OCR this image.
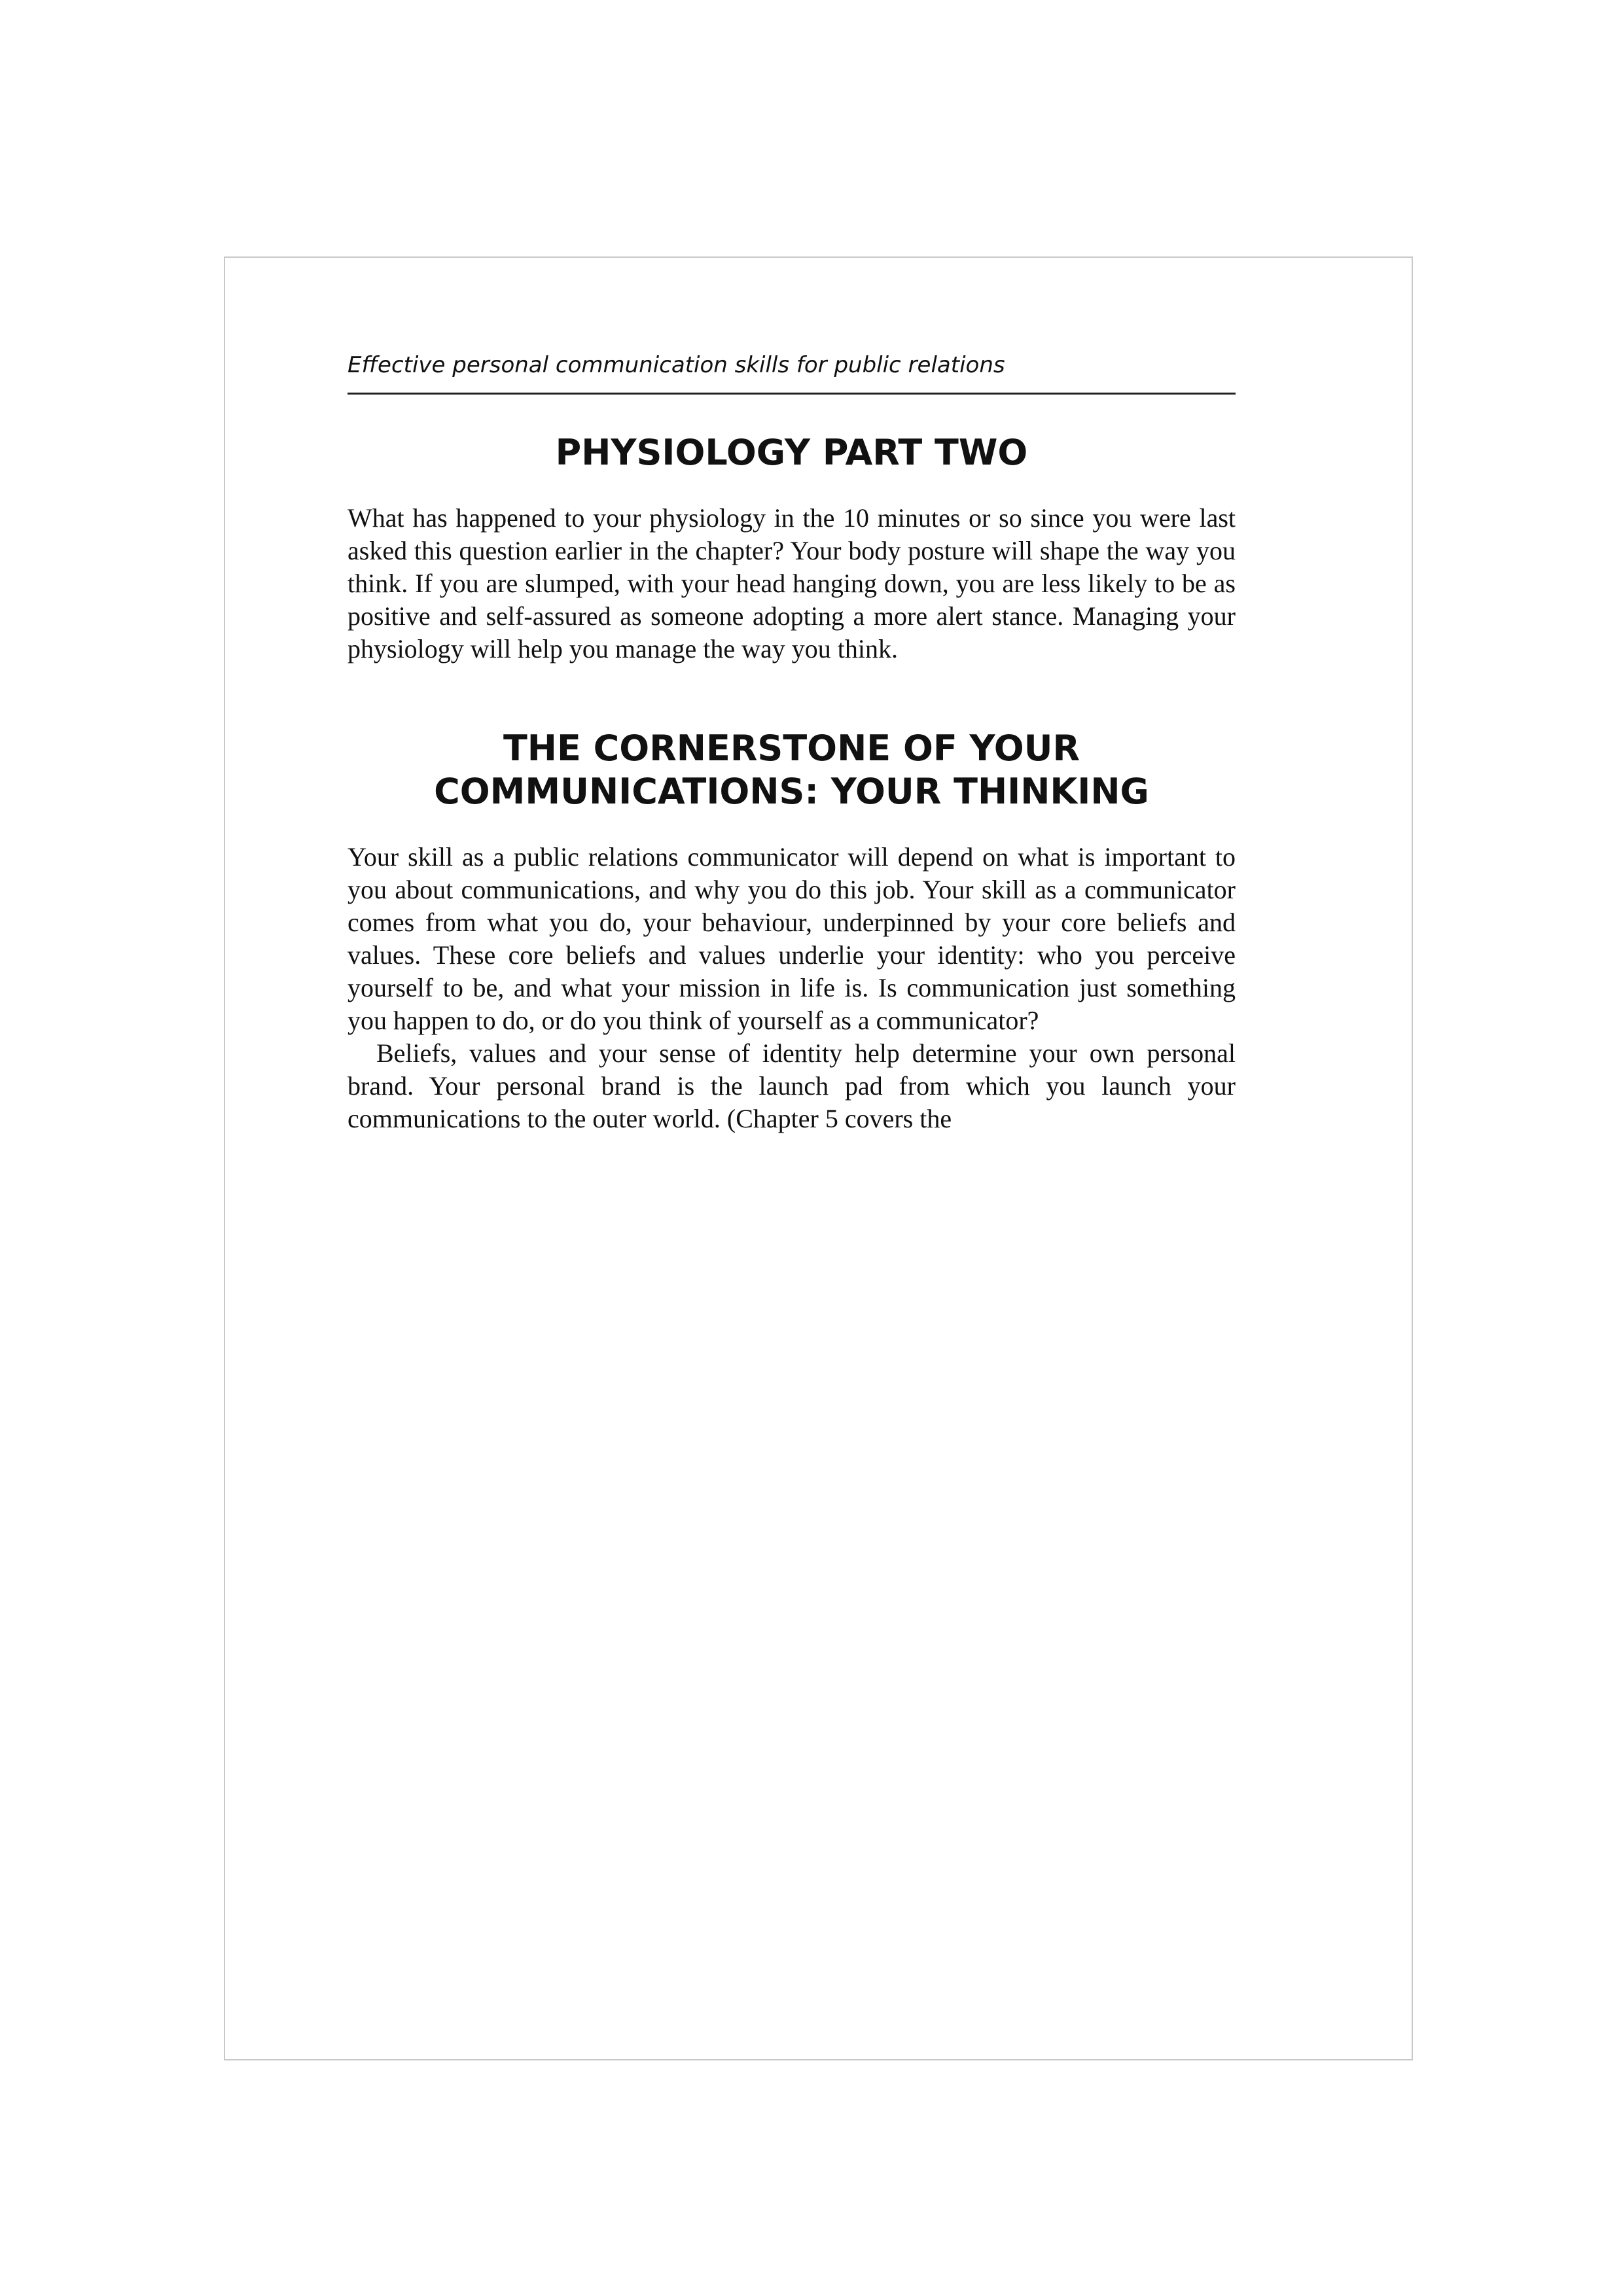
Effective personal communication skills for public relations
PHYSIOLOGY PART TWO

What has happened to your physiology in the 10 minutes or so since you were last asked this question earlier in the chapter? Your body posture will shape the way you think. If you are slumped, with your head hanging down, you are less likely to be as positive and self-assured as someone adopting a more alert stance. Managing your physiology will help you manage the way you think.

THE CORNERSTONE OF YOUR
COMMUNICATIONS: YOUR THINKING

Your skill as a public relations communicator will depend on what is important to you about communications, and why you do this job. Your skill as a communicator comes from what you do, your behaviour, underpinned by your core beliefs and values. These core beliefs and values underlie your identity: who you perceive yourself to be, and what your mission in life is. Is communication just something you happen to do, or do you think of yourself as a communicator?

Beliefs, values and your sense of identity help determine your own personal brand. Your personal brand is the launch pad from which you launch your communications to the outer world. (Chapter 5 covers the
